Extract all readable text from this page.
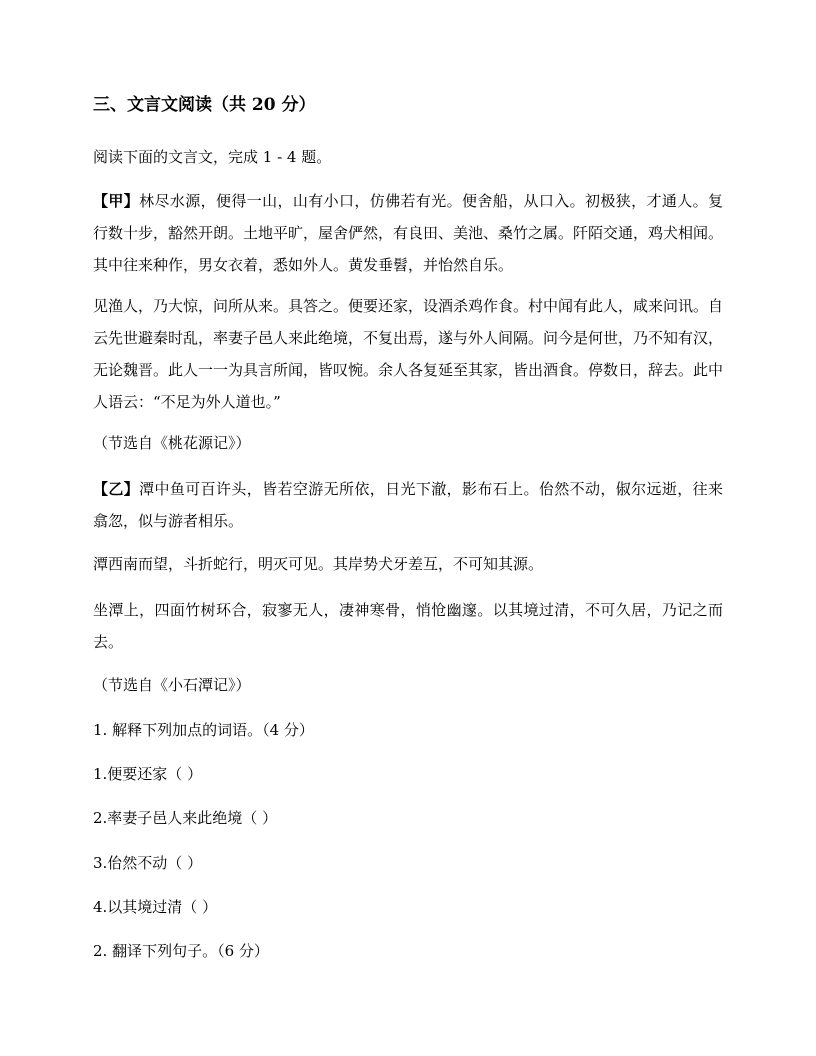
三、文言文阅读（共 20 分）

阅读下面的文言文，完成 1 - 4 题。

【甲】林尽水源，便得一山，山有小口，仿佛若有光。便舍船，从口入。初极狭，才通人。复行数十步，豁然开朗。土地平旷，屋舍俨然，有良田、美池、桑竹之属。阡陌交通，鸡犬相闻。其中往来种作，男女衣着，悉如外人。黄发垂髫，并怡然自乐。

见渔人，乃大惊，问所从来。具答之。便要还家，设酒杀鸡作食。村中闻有此人，咸来问讯。自云先世避秦时乱，率妻子邑人来此绝境，不复出焉，遂与外人间隔。问今是何世，乃不知有汉，无论魏晋。此人一一为具言所闻，皆叹惋。余人各复延至其家，皆出酒食。停数日，辞去。此中人语云：“不足为外人道也。”

（节选自《桃花源记》）

【乙】潭中鱼可百许头，皆若空游无所依，日光下澈，影布石上。佁然不动，俶尔远逝，往来翕忽，似与游者相乐。

潭西南而望，斗折蛇行，明灭可见。其岸势犬牙差互，不可知其源。

坐潭上，四面竹树环合，寂寥无人，凄神寒骨，悄怆幽邃。以其境过清，不可久居，乃记之而去。

（节选自《小石潭记》）

1. 解释下列加点的词语。（4 分）

1.便要还家（ ）

2.率妻子邑人来此绝境（ ）

3.佁然不动（ ）

4.以其境过清（ ）

2. 翻译下列句子。（6 分）
